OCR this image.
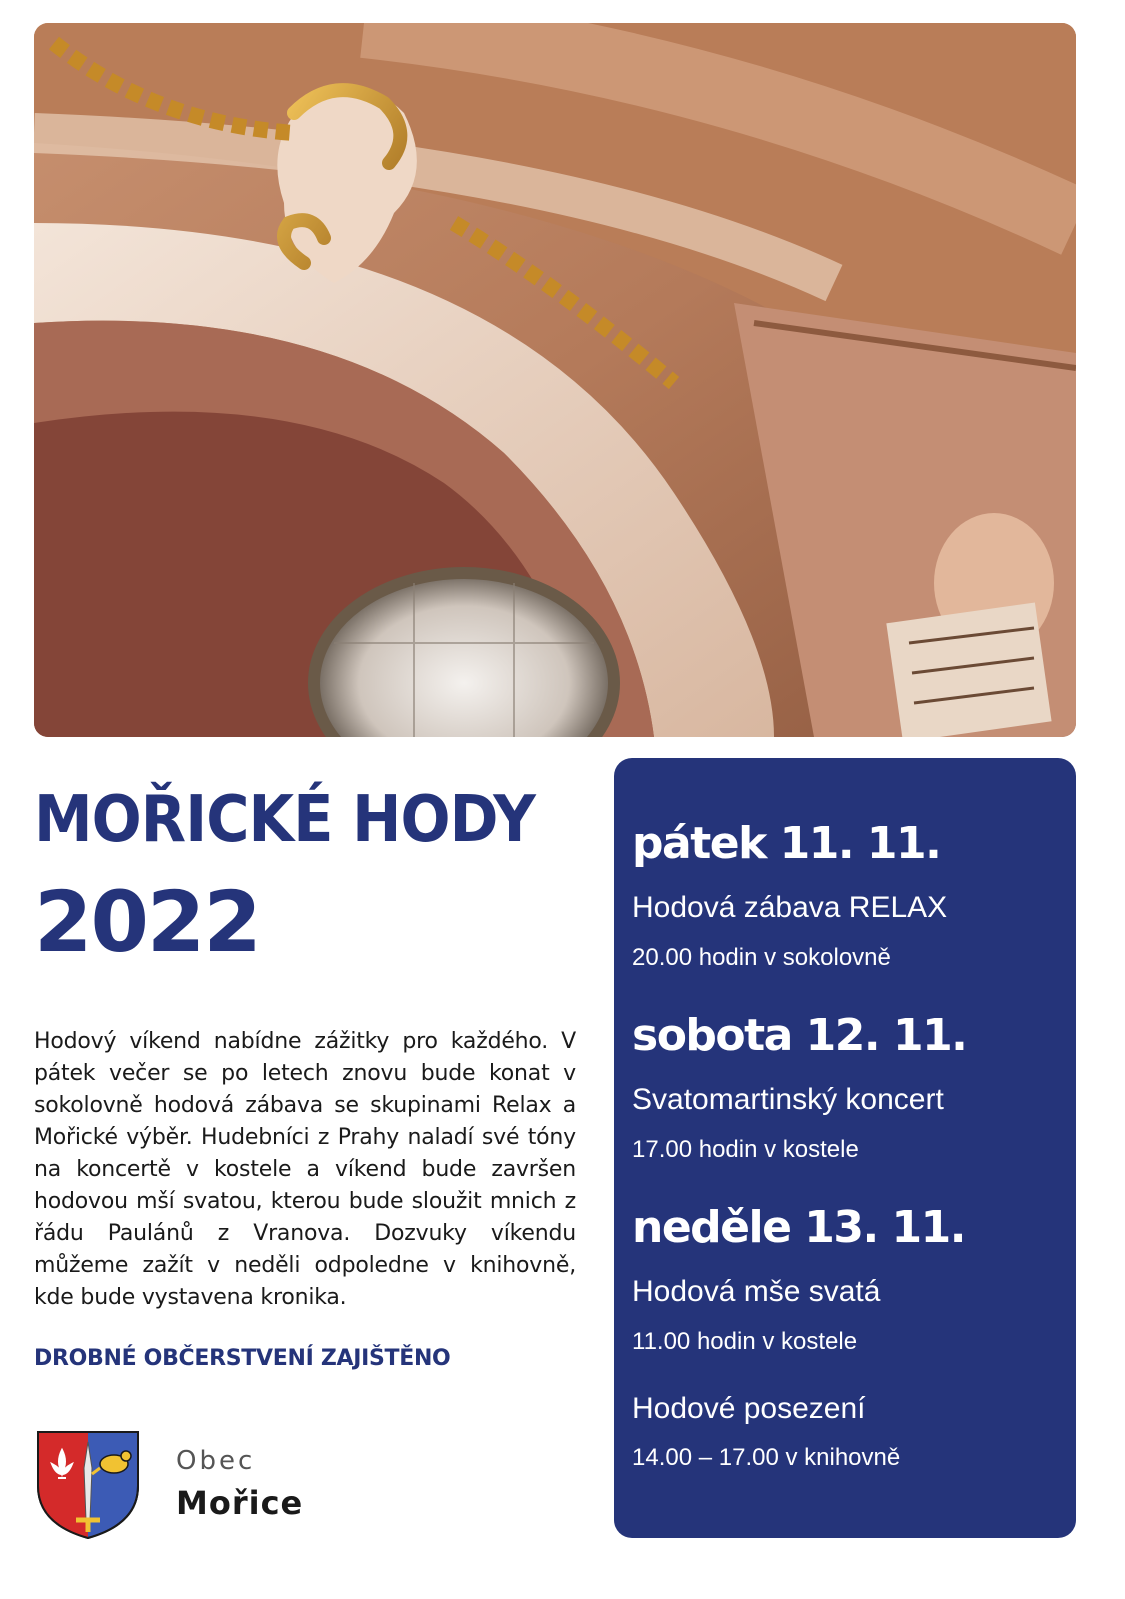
MOŘICKÉ HODY
2022

Hodový víkend nabídne zážitky pro každého. V pátek večer se po letech znovu bude konat v sokolovně hodová zábava se skupinami Relax a Mořické výběr. Hudebníci z Prahy naladí své tóny na koncertě v kostele a víkend bude završen hodovou mší svatou, kterou bude sloužit mnich z řádu Paulánů z Vranova. Dozvuky víkendu můžeme zažít v neděli odpoledne v knihovně, kde bude vystavena kronika.

DROBNÉ OBČERSTVENÍ ZAJIŠTĚNO

Obec
Mořice
pátek 11. 11.
Hodová zábava RELAX
20.00 hodin v sokolovně
sobota 12. 11.
Svatomartinský koncert
17.00 hodin v kostele
neděle 13. 11.
Hodová mše svatá
11.00 hodin v kostele
Hodové posezení
14.00 – 17.00 v knihovně
